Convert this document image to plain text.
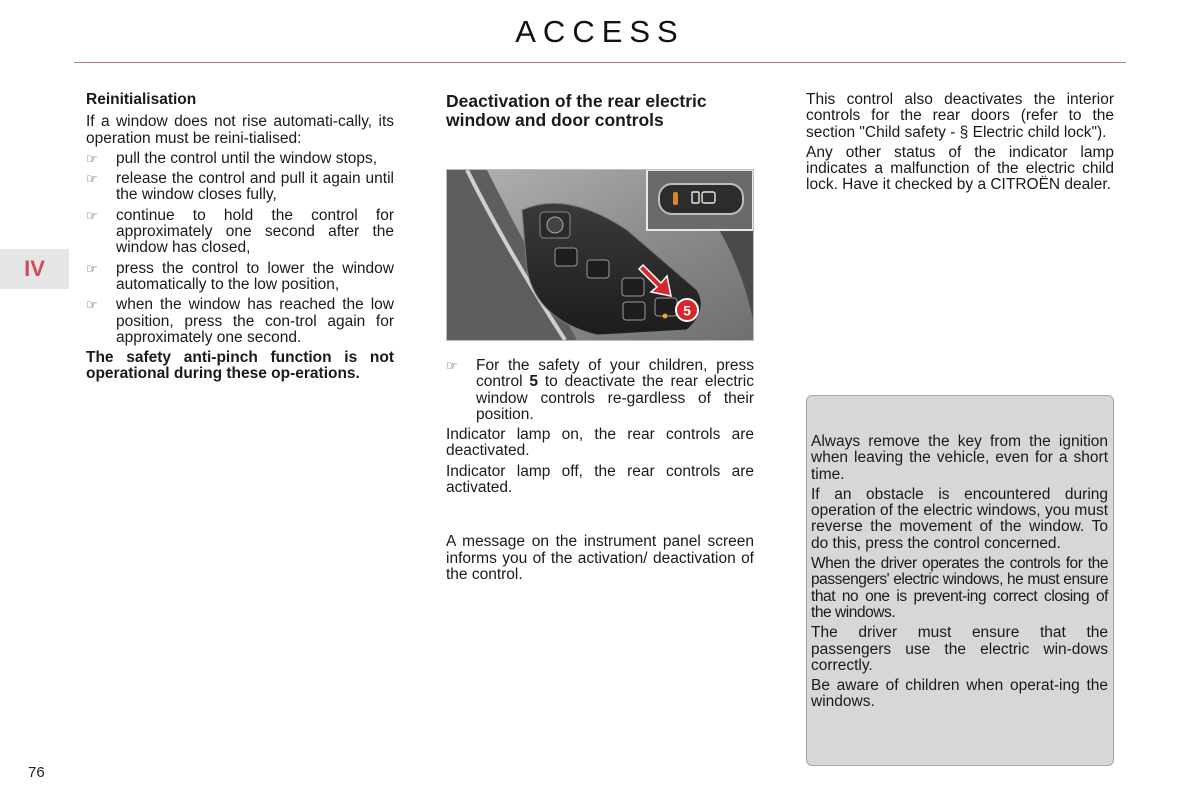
ACCESS
IV
76
Reinitialisation

If a window does not rise automati-cally, its operation must be reini-tialised:

☞ pull the control until the window stops,
☞ release the control and pull it again until the window closes fully,
☞ continue to hold the control for approximately one second after the window has closed,
☞ press the control to lower the window automatically to the low position,
☞ when the window has reached the low position, press the con-trol again for approximately one second.

The safety anti-pinch function is not operational during these op-erations.

Deactivation of the rear electric window and door controls
5
☞ For the safety of your children, press control 5 to deactivate the rear electric window controls re-gardless of their position.

Indicator lamp on, the rear controls are deactivated.

Indicator lamp off, the rear controls are activated.

A message on the instrument panel screen informs you of the activation/ deactivation of the control.

This control also deactivates the interior controls for the rear doors (refer to the section "Child safety - § Electric child lock").

Any other status of the indicator lamp indicates a malfunction of the electric child lock. Have it checked by a CITROËN dealer.

Always remove the key from the ignition when leaving the vehicle, even for a short time.

If an obstacle is encountered during operation of the electric windows, you must reverse the movement of the window. To do this, press the control concerned.

When the driver operates the controls for the passengers' electric windows, he must ensure that no one is prevent-ing correct closing of the windows.

The driver must ensure that the passengers use the electric win-dows correctly.

Be aware of children when operat-ing the windows.
